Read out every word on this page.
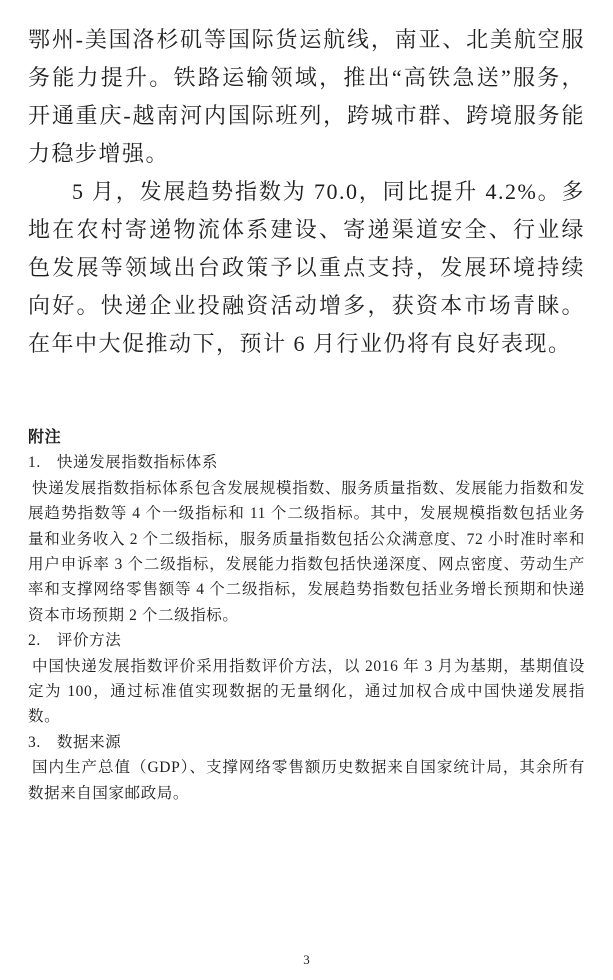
鄂州-美国洛杉矶等国际货运航线，南亚、北美航空服务能力提升。铁路运输领域，推出“高铁急送”服务，开通重庆-越南河内国际班列，跨城市群、跨境服务能力稳步增强。

5 月，发展趋势指数为 70.0，同比提升 4.2%。多地在农村寄递物流体系建设、寄递渠道安全、行业绿色发展等领域出台政策予以重点支持，发展环境持续向好。快递企业投融资活动增多，获资本市场青睐。在年中大促推动下，预计 6 月行业仍将有良好表现。

附注
1.　快递发展指数指标体系
快递发展指数指标体系包含发展规模指数、服务质量指数、发展能力指数和发展趋势指数等 4 个一级指标和 11 个二级指标。其中，发展规模指数包括业务量和业务收入 2 个二级指标，服务质量指数包括公众满意度、72 小时准时率和用户申诉率 3 个二级指标，发展能力指数包括快递深度、网点密度、劳动生产率和支撑网络零售额等 4 个二级指标，发展趋势指数包括业务增长预期和快递资本市场预期 2 个二级指标。
2.　评价方法
中国快递发展指数评价采用指数评价方法，以 2016 年 3 月为基期，基期值设定为 100，通过标准值实现数据的无量纲化，通过加权合成中国快递发展指数。
3.　数据来源
国内生产总值（GDP）、支撑网络零售额历史数据来自国家统计局，其余所有数据来自国家邮政局。
3
